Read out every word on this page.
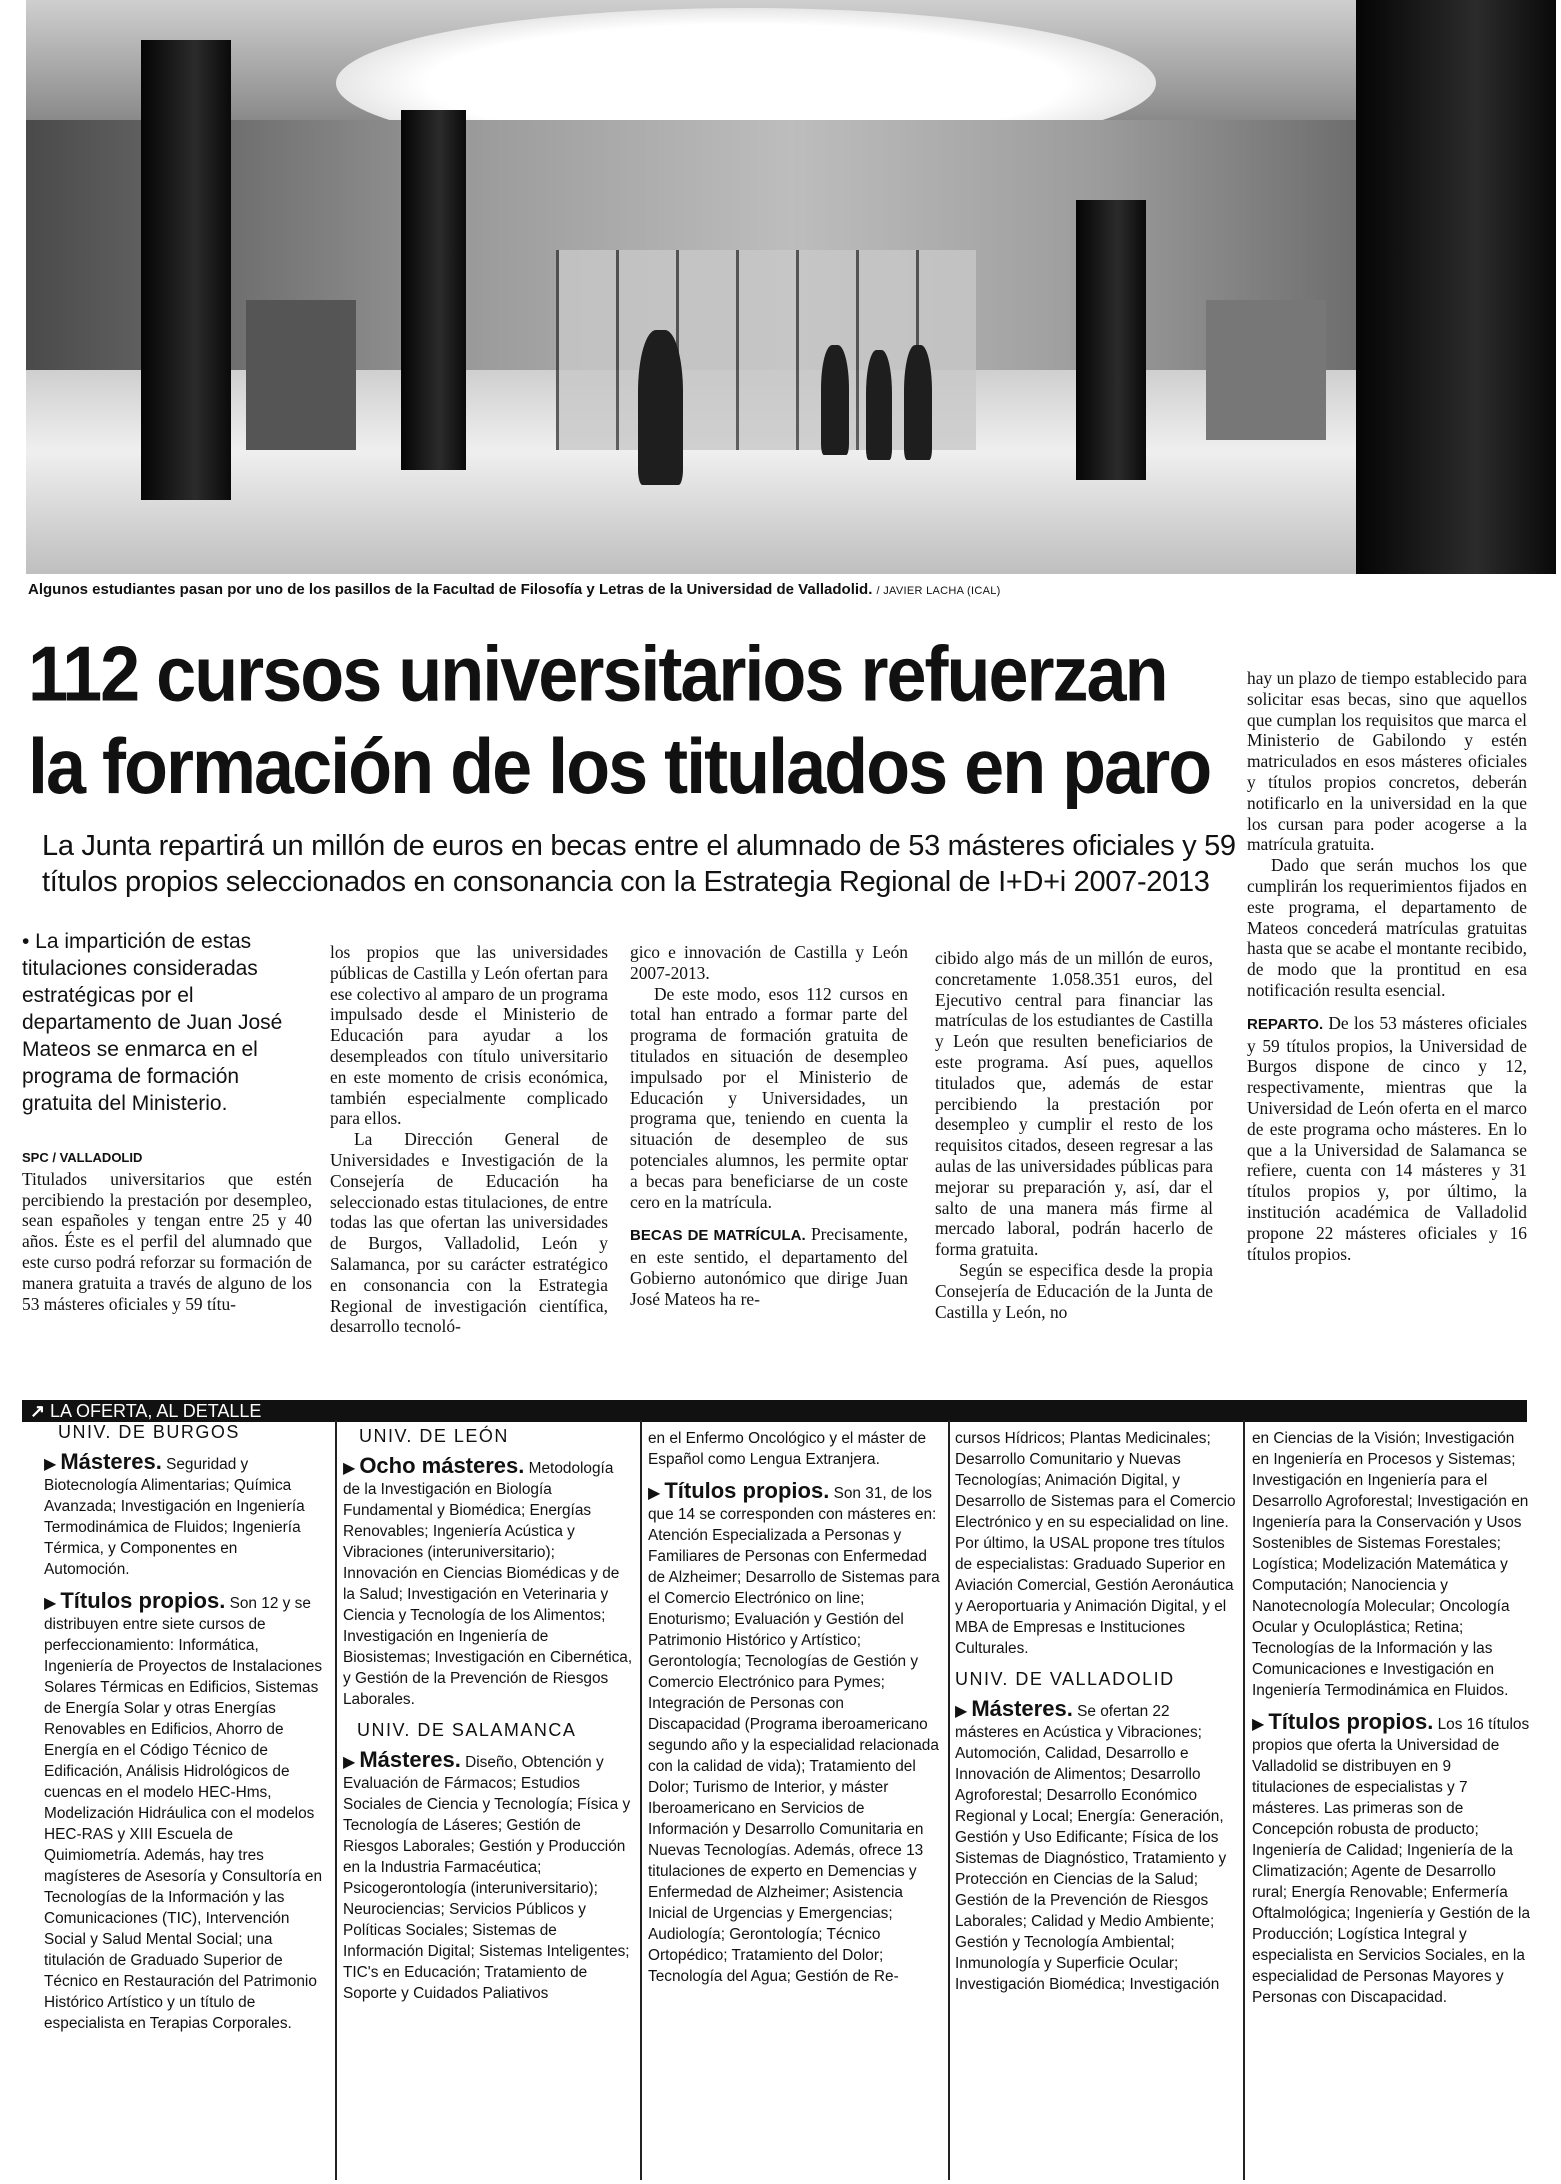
Algunos estudiantes pasan por uno de los pasillos de la Facultad de Filosofía y Letras de la Universidad de Valladolid. / JAVIER LACHA (ICAL)
112 cursos universitarios refuerzan
la formación de los titulados en paro
La Junta repartirá un millón de euros en becas entre el alumnado de 53 másteres oficiales y 59
títulos propios seleccionados en consonancia con la Estrategia Regional de I+D+i 2007-2013
• La impartición de estas titulaciones consideradas estratégicas por el departamento de Juan José Mateos se enmarca en el programa de formación gratuita del Ministerio.

SPC / VALLADOLID

Titulados universitarios que estén percibiendo la prestación por desempleo, sean españoles y tengan entre 25 y 40 años. Éste es el perfil del alumnado que este curso podrá reforzar su formación de manera gratuita a través de alguno de los 53 másteres oficiales y 59 títu-

los propios que las universidades públicas de Castilla y León ofertan para ese colectivo al amparo de un programa impulsado desde el Ministerio de Educación para ayudar a los desempleados con título universitario en este momento de crisis económica, también especialmente complicado para ellos.

La Dirección General de Universidades e Investigación de la Consejería de Educación ha seleccionado estas titulaciones, de entre todas las que ofertan las universidades de Burgos, Valladolid, León y Salamanca, por su carácter estratégico en consonancia con la Estrategia Regional de investigación científica, desarrollo tecnoló-

gico e innovación de Castilla y León 2007-2013.

De este modo, esos 112 cursos en total han entrado a formar parte del programa de formación gratuita de titulados en situación de desempleo impulsado por el Ministerio de Educación y Universidades, un programa que, teniendo en cuenta la situación de desempleo de sus potenciales alumnos, les permite optar a becas para beneficiarse de un coste cero en la matrícula.

BECAS DE MATRÍCULA. Precisamente, en este sentido, el departamento del Gobierno autonómico que dirige Juan José Mateos ha re-

cibido algo más de un millón de euros, concretamente 1.058.351 euros, del Ejecutivo central para financiar las matrículas de los estudiantes de Castilla y León que resulten beneficiarios de este programa. Así pues, aquellos titulados que, además de estar percibiendo la prestación por desempleo y cumplir el resto de los requisitos citados, deseen regresar a las aulas de las universidades públicas para mejorar su preparación y, así, dar el salto de una manera más firme al mercado laboral, podrán hacerlo de forma gratuita.

Según se especifica desde la propia Consejería de Educación de la Junta de Castilla y León, no

hay un plazo de tiempo establecido para solicitar esas becas, sino que aquellos que cumplan los requisitos que marca el Ministerio de Gabilondo y estén matriculados en esos másteres oficiales y títulos propios concretos, deberán notificarlo en la universidad en la que los cursan para poder acogerse a la matrícula gratuita.

Dado que serán muchos los que cumplirán los requerimientos fijados en este programa, el departamento de Mateos concederá matrículas gratuitas hasta que se acabe el montante recibido, de modo que la prontitud en esa notificación resulta esencial.

REPARTO. De los 53 másteres oficiales y 59 títulos propios, la Universidad de Burgos dispone de cinco y 12, respectivamente, mientras que la Universidad de León oferta en el marco de este programa ocho másteres. En lo que a la Universidad de Salamanca se refiere, cuenta con 14 másteres y 31 títulos propios y, por último, la institución académica de Valladolid propone 22 másteres oficiales y 16 títulos propios.

↗ LA OFERTA, AL DETALLE
UNIV. DE BURGOS
▶ Másteres. Seguridad y Biotecnología Alimentarias; Química Avanzada; Investigación en Ingeniería Termodinámica de Fluidos; Ingeniería Térmica, y Componentes en Automoción.
▶ Títulos propios. Son 12 y se distribuyen entre siete cursos de perfeccionamiento: Informática, Ingeniería de Proyectos de Instalaciones Solares Térmicas en Edificios, Sistemas de Energía Solar y otras Energías Renovables en Edificios, Ahorro de Energía en el Código Técnico de Edificación, Análisis Hidrológicos de cuencas en el modelo HEC-Hms, Modelización Hidráulica con el modelos HEC-RAS y XIII Escuela de Quimiometría. Además, hay tres magísteres de Asesoría y Consultoría en Tecnologías de la Información y las Comunicaciones (TIC), Intervención Social y Salud Mental Social; una titulación de Graduado Superior de Técnico en Restauración del Patrimonio Histórico Artístico y un título de especialista en Terapias Corporales.
UNIV. DE LEÓN
▶ Ocho másteres. Metodología de la Investigación en Biología Fundamental y Biomédica; Energías Renovables; Ingeniería Acústica y Vibraciones (interuniversitario); Innovación en Ciencias Biomédicas y de la Salud; Investigación en Veterinaria y Ciencia y Tecnología de los Alimentos; Investigación en Ingeniería de Biosistemas; Investigación en Cibernética, y Gestión de la Prevención de Riesgos Laborales.
UNIV. DE SALAMANCA
▶ Másteres. Diseño, Obtención y Evaluación de Fármacos; Estudios Sociales de Ciencia y Tecnología; Física y Tecnología de Láseres; Gestión de Riesgos Laborales; Gestión y Producción en la Industria Farmacéutica; Psicogerontología (interuniversitario); Neurociencias; Servicios Públicos y Políticas Sociales; Sistemas de Información Digital; Sistemas Inteligentes; TIC's en Educación; Tratamiento de Soporte y Cuidados Paliativos
en el Enfermo Oncológico y el máster de Español como Lengua Extranjera.
▶ Títulos propios. Son 31, de los que 14 se corresponden con másteres en: Atención Especializada a Personas y Familiares de Personas con Enfermedad de Alzheimer; Desarrollo de Sistemas para el Comercio Electrónico on line; Enoturismo; Evaluación y Gestión del Patrimonio Histórico y Artístico; Gerontología; Tecnologías de Gestión y Comercio Electrónico para Pymes; Integración de Personas con Discapacidad (Programa iberoamericano segundo año y la especialidad relacionada con la calidad de vida); Tratamiento del Dolor; Turismo de Interior, y máster Iberoamericano en Servicios de Información y Desarrollo Comunitaria en Nuevas Tecnologías. Además, ofrece 13 titulaciones de experto en Demencias y Enfermedad de Alzheimer; Asistencia Inicial de Urgencias y Emergencias; Audiología; Gerontología; Técnico Ortopédico; Tratamiento del Dolor; Tecnología del Agua; Gestión de Re-
cursos Hídricos; Plantas Medicinales; Desarrollo Comunitario y Nuevas Tecnologías; Animación Digital, y Desarrollo de Sistemas para el Comercio Electrónico y en su especialidad on line. Por último, la USAL propone tres títulos de especialistas: Graduado Superior en Aviación Comercial, Gestión Aeronáutica y Aeroportuaria y Animación Digital, y el MBA de Empresas e Instituciones Culturales.
UNIV. DE VALLADOLID
▶ Másteres. Se ofertan 22 másteres en Acústica y Vibraciones; Automoción, Calidad, Desarrollo e Innovación de Alimentos; Desarrollo Agroforestal; Desarrollo Económico Regional y Local; Energía: Generación, Gestión y Uso Edificante; Física de los Sistemas de Diagnóstico, Tratamiento y Protección en Ciencias de la Salud; Gestión de la Prevención de Riesgos Laborales; Calidad y Medio Ambiente; Gestión y Tecnología Ambiental; Inmunología y Superficie Ocular; Investigación Biomédica; Investigación
en Ciencias de la Visión; Investigación en Ingeniería en Procesos y Sistemas; Investigación en Ingeniería para el Desarrollo Agroforestal; Investigación en Ingeniería para la Conservación y Usos Sostenibles de Sistemas Forestales; Logística; Modelización Matemática y Computación; Nanociencia y Nanotecnología Molecular; Oncología Ocular y Oculoplástica; Retina; Tecnologías de la Información y las Comunicaciones e Investigación en Ingeniería Termodinámica en Fluidos.
▶ Títulos propios. Los 16 títulos propios que oferta la Universidad de Valladolid se distribuyen en 9 titulaciones de especialistas y 7 másteres. Las primeras son de Concepción robusta de producto; Ingeniería de Calidad; Ingeniería de la Climatización; Agente de Desarrollo rural; Energía Renovable; Enfermería Oftalmológica; Ingeniería y Gestión de la Producción; Logística Integral y especialista en Servicios Sociales, en la especialidad de Personas Mayores y Personas con Discapacidad.
